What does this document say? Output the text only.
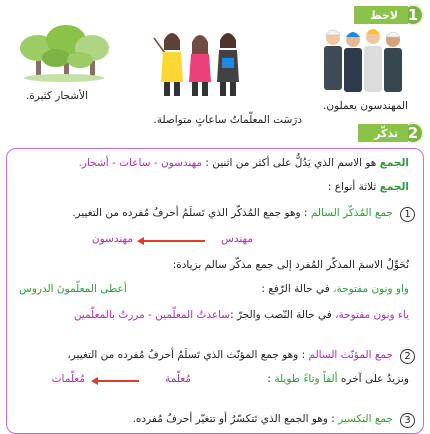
1
لاحظ
المهندسون يعملون.
درَسَت المعلّماتُ ساعاتٍ متواصلة.
الأشجار كثيرة.
2
تذكّر
الجمع هو الاسم الذي يَدُلُّ على أكثر من اثنين : مهندسون - ساعات - أشجار.
الجمع ثلاثة أنواع :
1
جمع المُذكّر السالم : وهو جمع المُذكّر الذي تَسلَمُ أحرفُ مُفرده من التغيير.
مهندس
مهندسون
نُحَوِّلُ الاسمَ المذكّر المُفرد إلى جمع مذكّر سالم بزيادة:
واو ونون مفتوحة، في حالة الرّفع :
أعطى المعلّمونَ الدروس
ياء ونون مفتوحة، في حالة النّصب والجرّ :ساعدتُ المعلّمين - مررتُ بالمعلّمين
2
جمع المؤنّث السالم : وهو جمع المؤنّث الذي تَسلَمُ أحرفُ مُفرده من التغيير،
ونزيدُ على آخره ألفاً وتاءً طويلة :
مُعلّمة
مُعلّمات
3
جمع التكسير : وهو الجمع الذي تَتكسّرُ أو تتغيّر أحرفُ مُفرده.
